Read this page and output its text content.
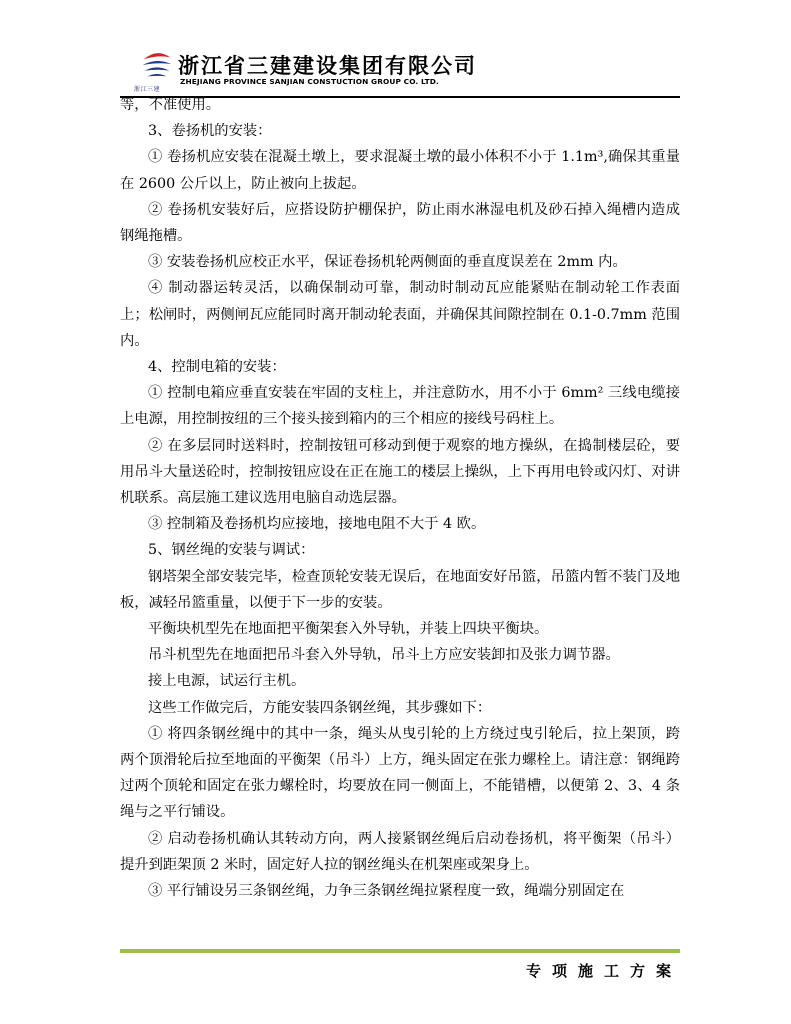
浙江三建
浙江省三建建设集团有限公司
ZHEJIANG PROVINCE SANJIAN CONSTUCTION GROUP CO. LTD.

等，不准使用。

3、卷扬机的安装：

① 卷扬机应安装在混凝土墩上，要求混凝土墩的最小体积不小于 1.1m³,确保其重量在 2600 公斤以上，防止被向上拔起。

② 卷扬机安装好后，应搭设防护棚保护，防止雨水淋湿电机及砂石掉入绳槽内造成钢绳拖槽。

③ 安装卷扬机应校正水平，保证卷扬机轮两侧面的垂直度误差在 2mm 内。

④ 制动器运转灵活，以确保制动可靠，制动时制动瓦应能紧贴在制动轮工作表面上；松闸时，两侧闸瓦应能同时离开制动轮表面，并确保其间隙控制在 0.1-0.7mm 范围内。

4、控制电箱的安装：

① 控制电箱应垂直安装在牢固的支柱上，并注意防水，用不小于 6mm² 三线电缆接上电源，用控制按纽的三个接头接到箱内的三个相应的接线号码柱上。

② 在多层同时送料时，控制按钮可移动到便于观察的地方操纵，在捣制楼层砼，要用吊斗大量送砼时，控制按钮应设在正在施工的楼层上操纵，上下再用电铃或闪灯、对讲机联系。高层施工建议选用电脑自动选层器。

③ 控制箱及卷扬机均应接地，接地电阻不大于 4 欧。

5、钢丝绳的安装与调试：

钢塔架全部安装完毕，检查顶轮安装无误后，在地面安好吊篮，吊篮内暂不装门及地板，减轻吊篮重量，以便于下一步的安装。

平衡块机型先在地面把平衡架套入外导轨，并装上四块平衡块。

吊斗机型先在地面把吊斗套入外导轨，吊斗上方应安装卸扣及张力调节器。

接上电源，试运行主机。

这些工作做完后，方能安装四条钢丝绳，其步骤如下：

① 将四条钢丝绳中的其中一条，绳头从曳引轮的上方绕过曳引轮后，拉上架顶，跨两个顶滑轮后拉至地面的平衡架（吊斗）上方，绳头固定在张力螺栓上。请注意：钢绳跨过两个顶轮和固定在张力螺栓时，均要放在同一侧面上，不能错槽，以便第 2、3、4 条绳与之平行铺设。

② 启动卷扬机确认其转动方向，两人接紧钢丝绳后启动卷扬机，将平衡架（吊斗）提升到距架顶 2 米时，固定好人拉的钢丝绳头在机架座或架身上。

③ 平行铺设另三条钢丝绳，力争三条钢丝绳拉紧程度一致，绳端分别固定在

专项施工方案
